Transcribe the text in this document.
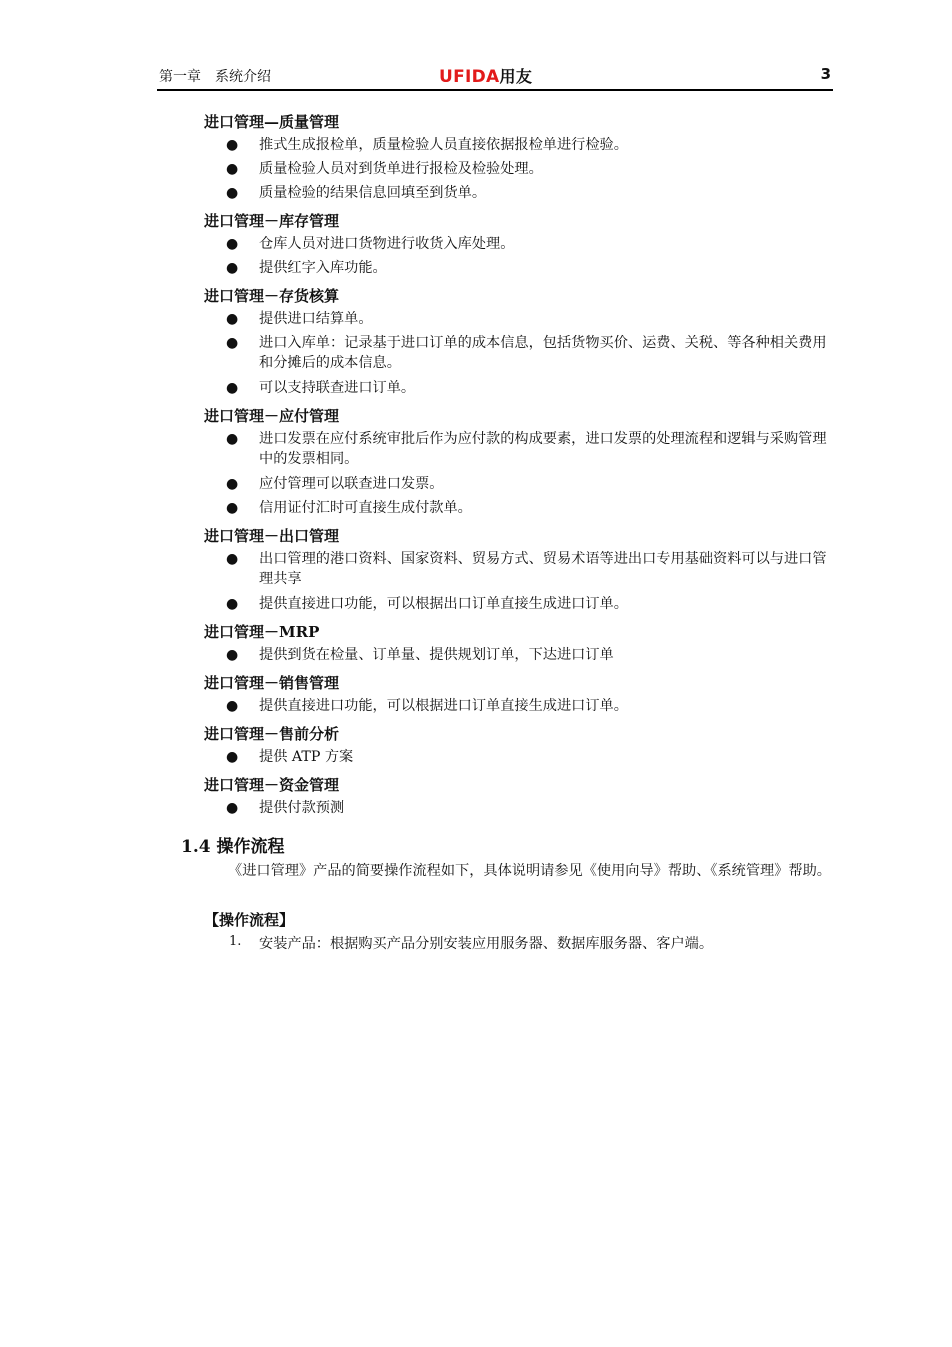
第一章　系统介绍	UFIDA用友	3
进口管理—质量管理
● 推式生成报检单，质量检验人员直接依据报检单进行检验。
● 质量检验人员对到货单进行报检及检验处理。
● 质量检验的结果信息回填至到货单。
进口管理－库存管理
● 仓库人员对进口货物进行收货入库处理。
● 提供红字入库功能。
进口管理－存货核算
● 提供进口结算单。
● 进口入库单：记录基于进口订单的成本信息，包括货物买价、运费、关税、等各种相关费用和分摊后的成本信息。
● 可以支持联查进口订单。
进口管理－应付管理
● 进口发票在应付系统审批后作为应付款的构成要素，进口发票的处理流程和逻辑与采购管理中的发票相同。
● 应付管理可以联查进口发票。
● 信用证付汇时可直接生成付款单。
进口管理－出口管理
● 出口管理的港口资料、国家资料、贸易方式、贸易术语等进出口专用基础资料可以与进口管理共享
● 提供直接进口功能，可以根据出口订单直接生成进口订单。
进口管理－MRP
● 提供到货在检量、订单量、提供规划订单，下达进口订单
进口管理－销售管理
● 提供直接进口功能，可以根据进口订单直接生成进口订单。
进口管理－售前分析
● 提供 ATP 方案
进口管理－资金管理
● 提供付款预测
1.4 操作流程
《进口管理》产品的简要操作流程如下，具体说明请参见《使用向导》帮助、《系统管理》帮助。
【操作流程】
1. 安装产品：根据购买产品分别安装应用服务器、数据库服务器、客户端。
